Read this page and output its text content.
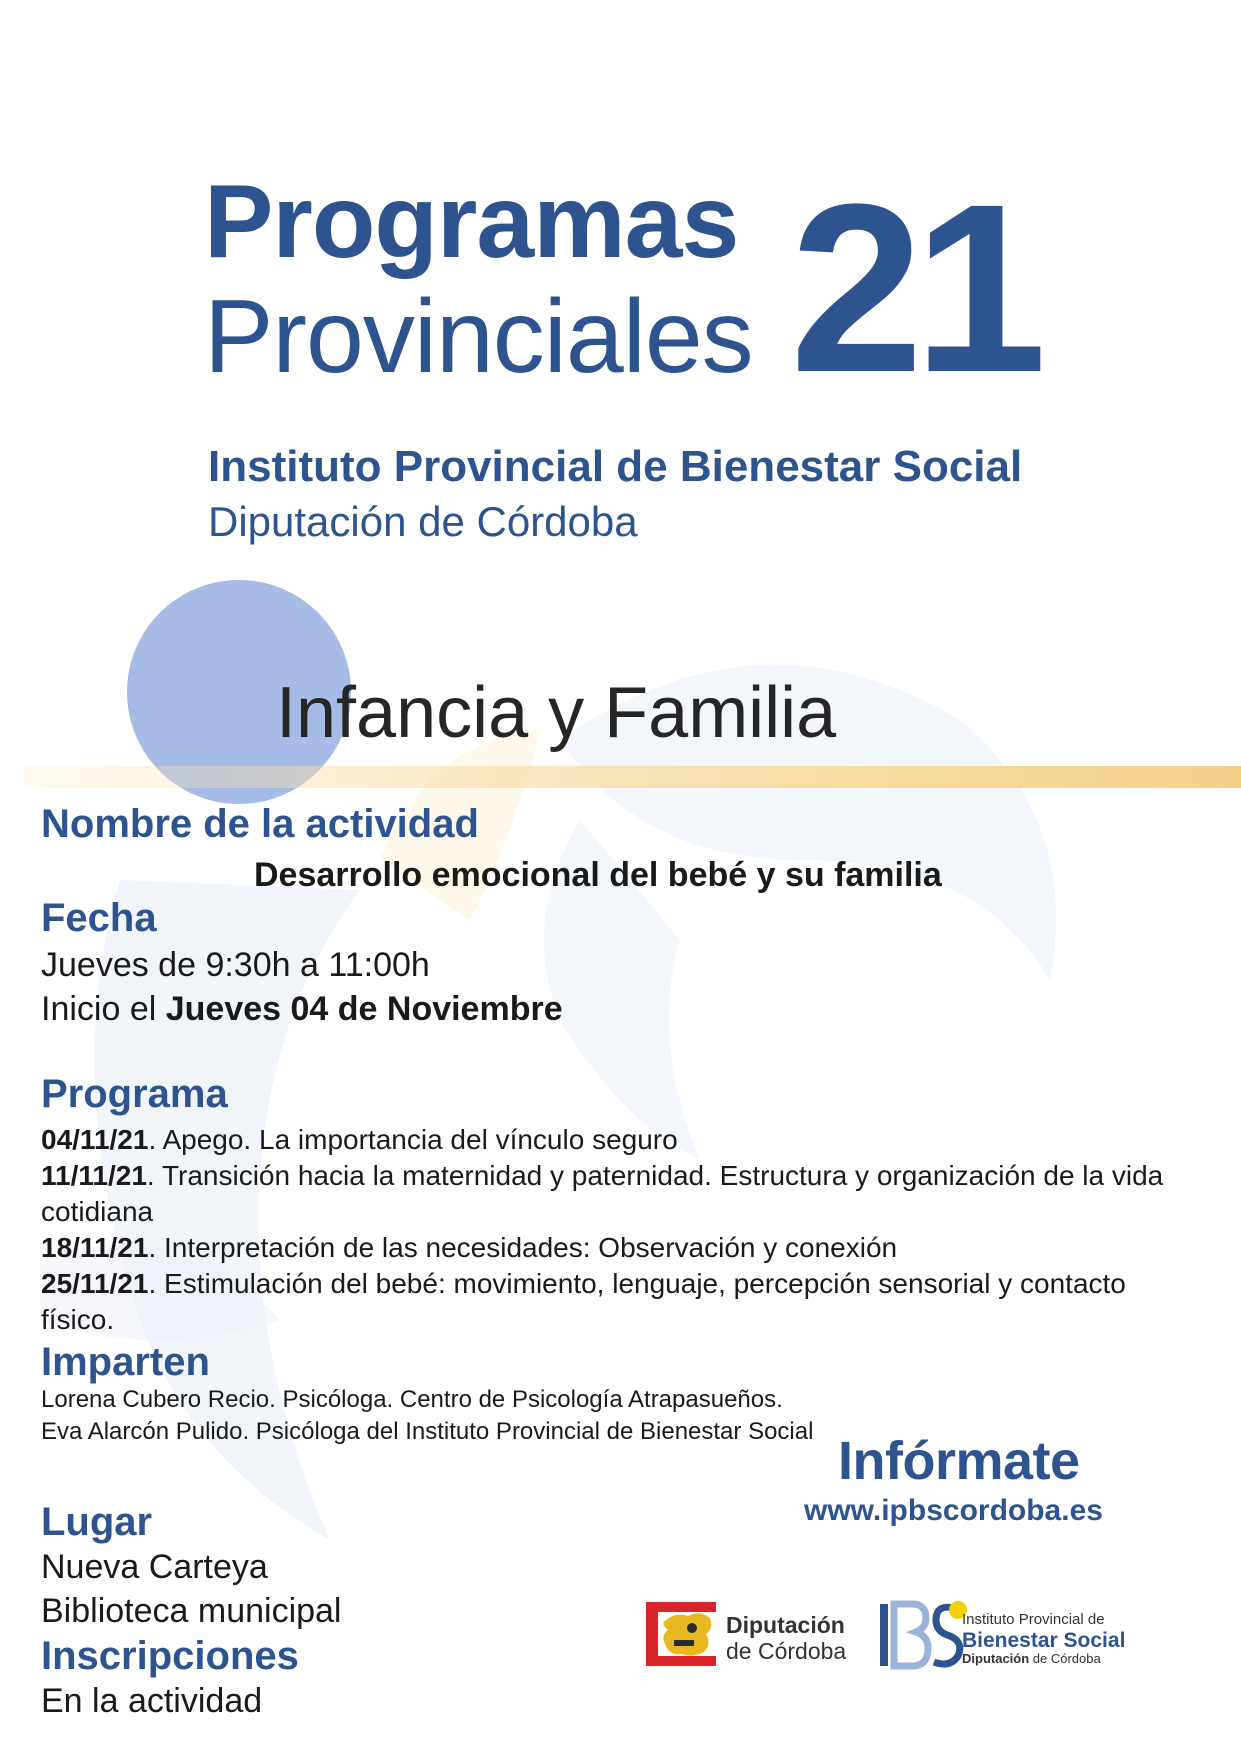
Programas
Provinciales 21
Instituto Provincial de Bienestar Social
Diputación de Córdoba
Infancia y Familia
Nombre de la actividad
Desarrollo emocional del bebé y su familia
Fecha
Jueves de 9:30h a 11:00h
Inicio el Jueves 04 de Noviembre
Programa
04/11/21. Apego. La importancia del vínculo seguro
11/11/21. Transición hacia la maternidad y paternidad. Estructura y organización de la vida cotidiana
18/11/21. Interpretación de las necesidades: Observación y conexión
25/11/21. Estimulación del bebé: movimiento, lenguaje, percepción sensorial y contacto físico.
Imparten
Lorena Cubero Recio. Psicóloga. Centro de Psicología Atrapasueños.
Eva Alarcón Pulido. Psicóloga del Instituto Provincial de Bienestar Social Infórmate
www.ipbscordoba.es
Lugar
Nueva Carteya
Biblioteca municipal
Inscripciones
En la actividad
Diputación
de Córdoba
Instituto Provincial de
Bienestar Social
Diputación de Córdoba
